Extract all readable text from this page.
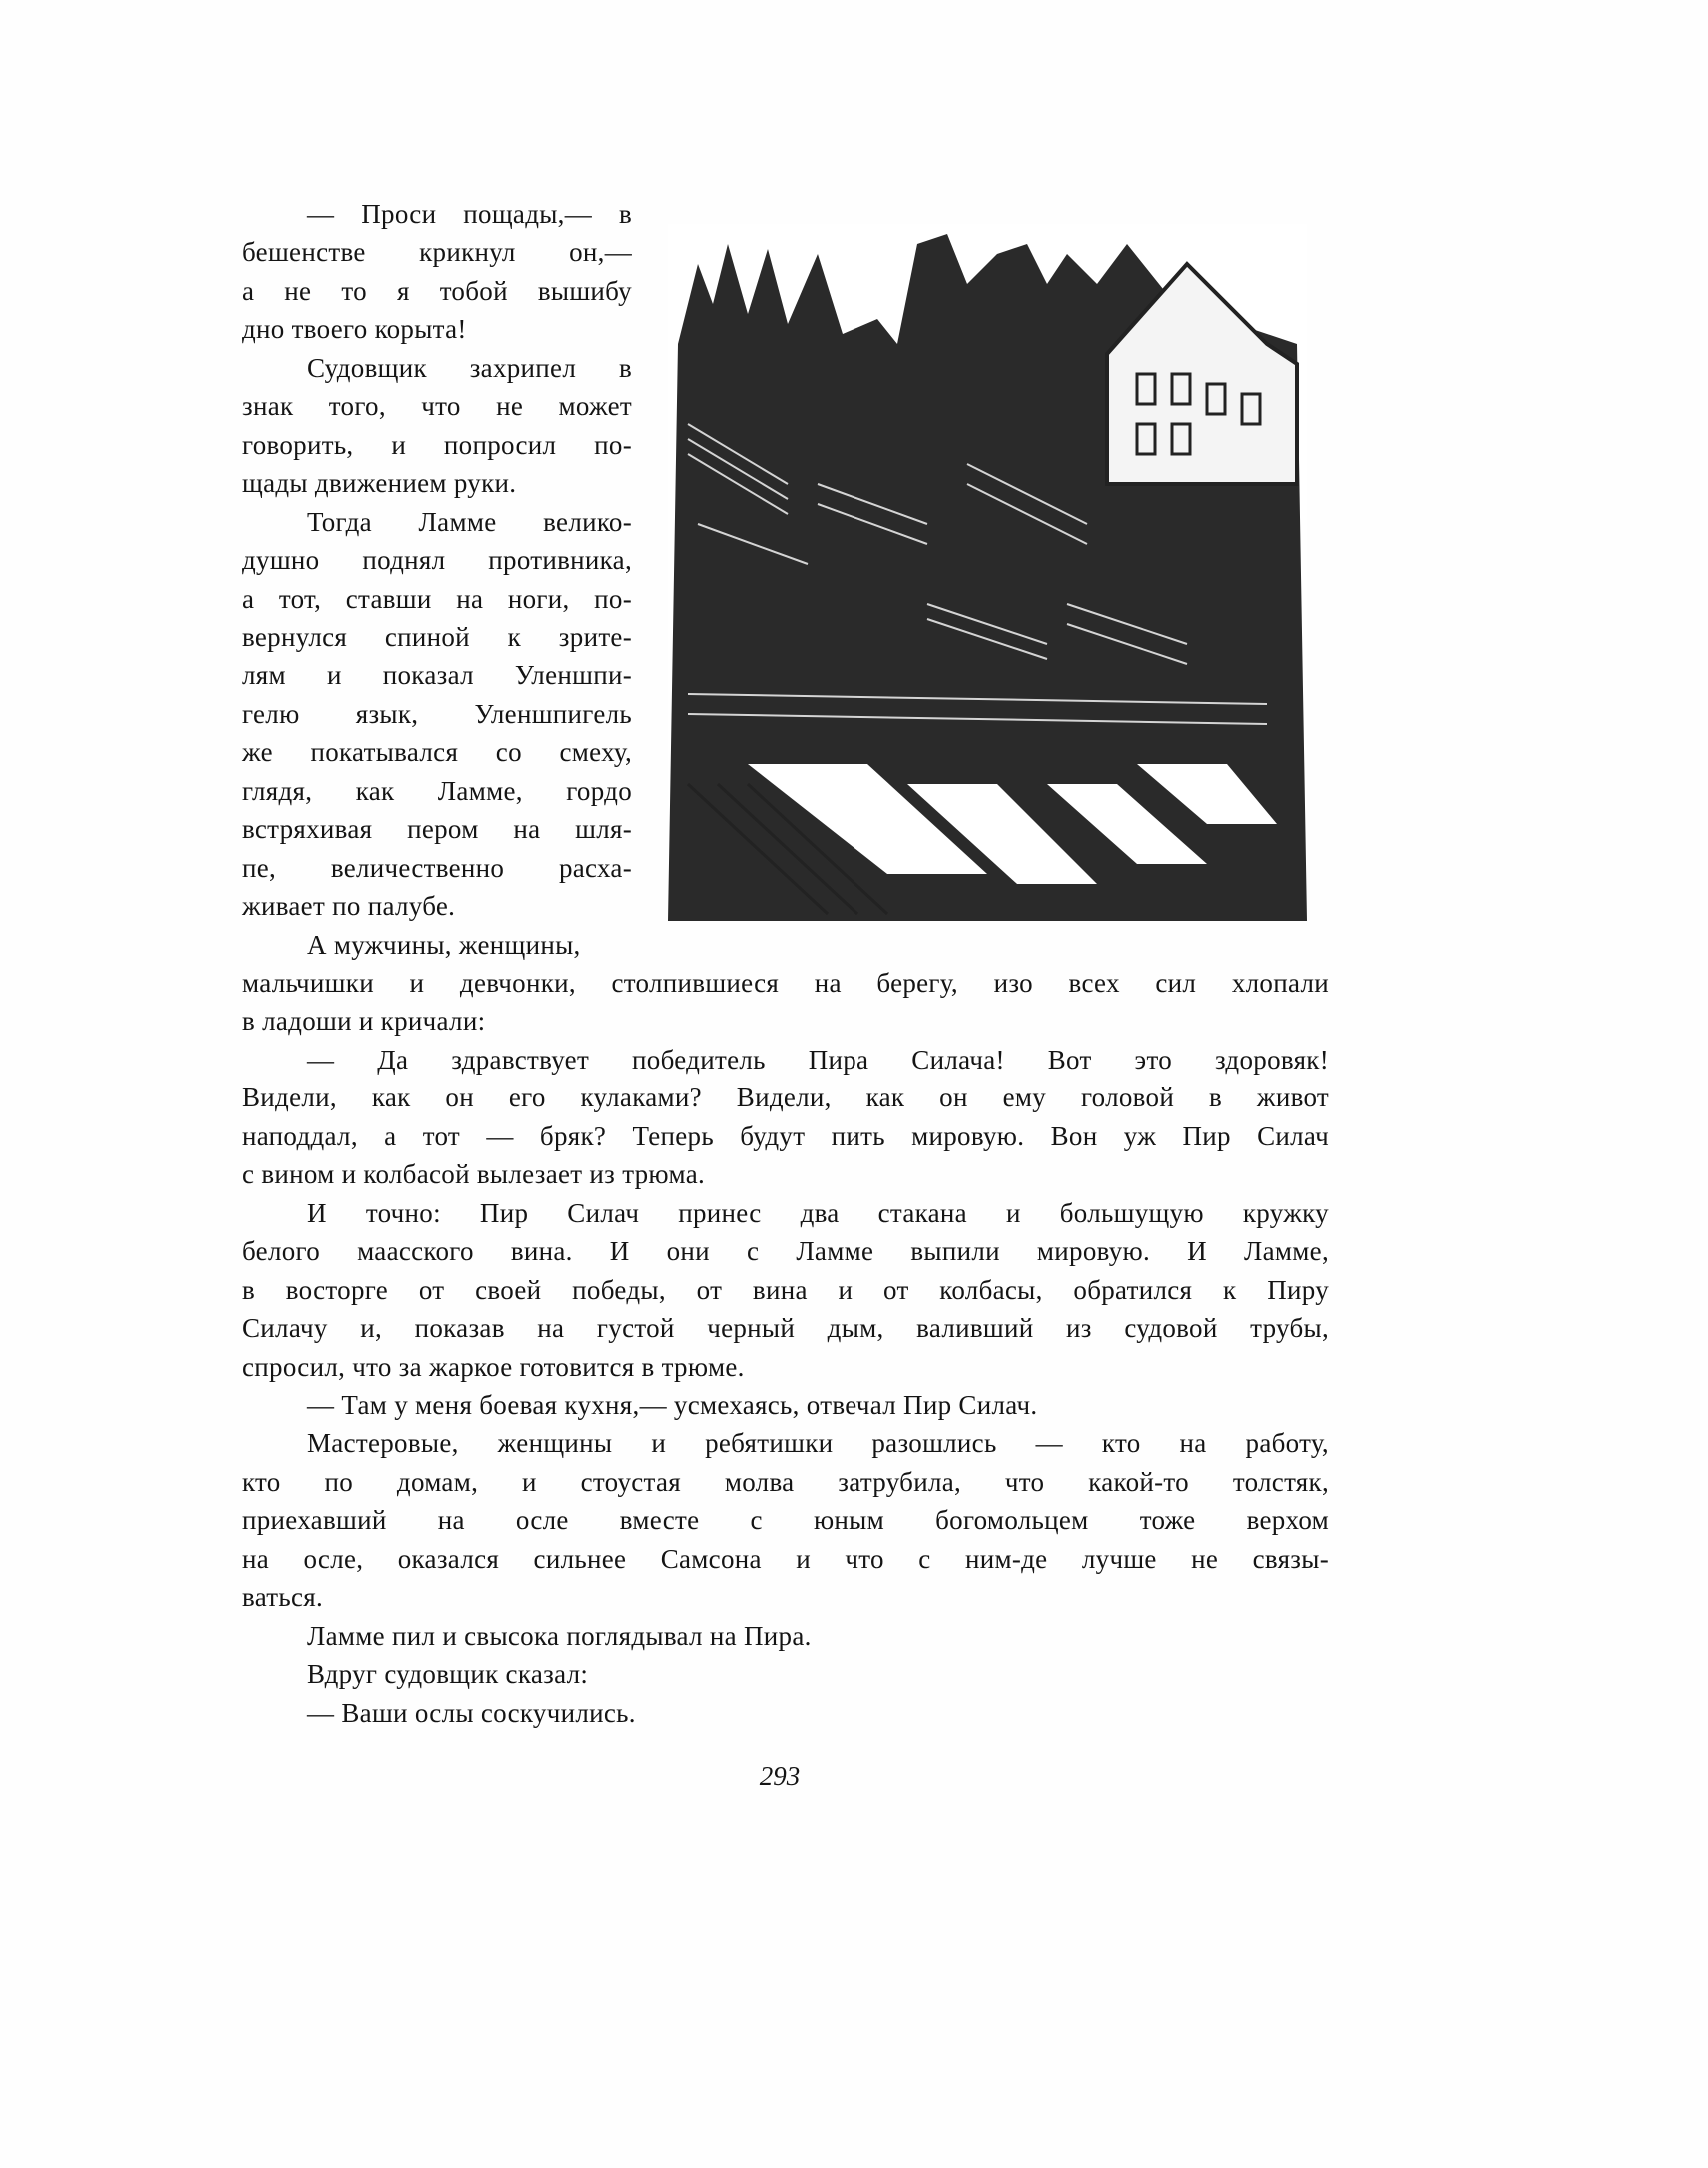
— Проси пощады,— в
бешенстве крикнул он,—
а не то я тобой вышибу
дно твоего корыта!
Судовщик захрипел в
знак того, что не может
говорить, и попросил по-
щады движением руки.
Тогда Ламме велико-
душно поднял противника,
а тот, ставши на ноги, по-
вернулся спиной к зрите-
лям и показал Уленшпи-
гелю язык, Уленшпигель
же покатывался со смеху,
глядя, как Ламме, гордо
встряхивая пером на шля-
пе, величественно расха-
живает по палубе.
А мужчины, женщины,
мальчишки и девчонки, столпившиеся на берегу, изо всех сил хлопали
в ладоши и кричали:
— Да здравствует победитель Пира Силача! Вот это здоровяк!
Видели, как он его кулаками? Видели, как он ему головой в живот
наподдал, а тот — бряк? Теперь будут пить мировую. Вон уж Пир Силач
с вином и колбасой вылезает из трюма.
И точно: Пир Силач принес два стакана и большущую кружку
белого маасского вина. И они с Ламме выпили мировую. И Ламме,
в восторге от своей победы, от вина и от колбасы, обратился к Пиру
Силачу и, показав на густой черный дым, валивший из судовой трубы,
спросил, что за жаркое готовится в трюме.
— Там у меня боевая кухня,— усмехаясь, отвечал Пир Силач.
Мастеровые, женщины и ребятишки разошлись — кто на работу,
кто по домам, и стоустая молва затрубила, что какой-то толстяк,
приехавший на осле вместе с юным богомольцем тоже верхом
на осле, оказался сильнее Самсона и что с ним-де лучше не связы-
ваться.
Ламме пил и свысока поглядывал на Пира.
Вдруг судовщик сказал:
— Ваши ослы соскучились.
293
